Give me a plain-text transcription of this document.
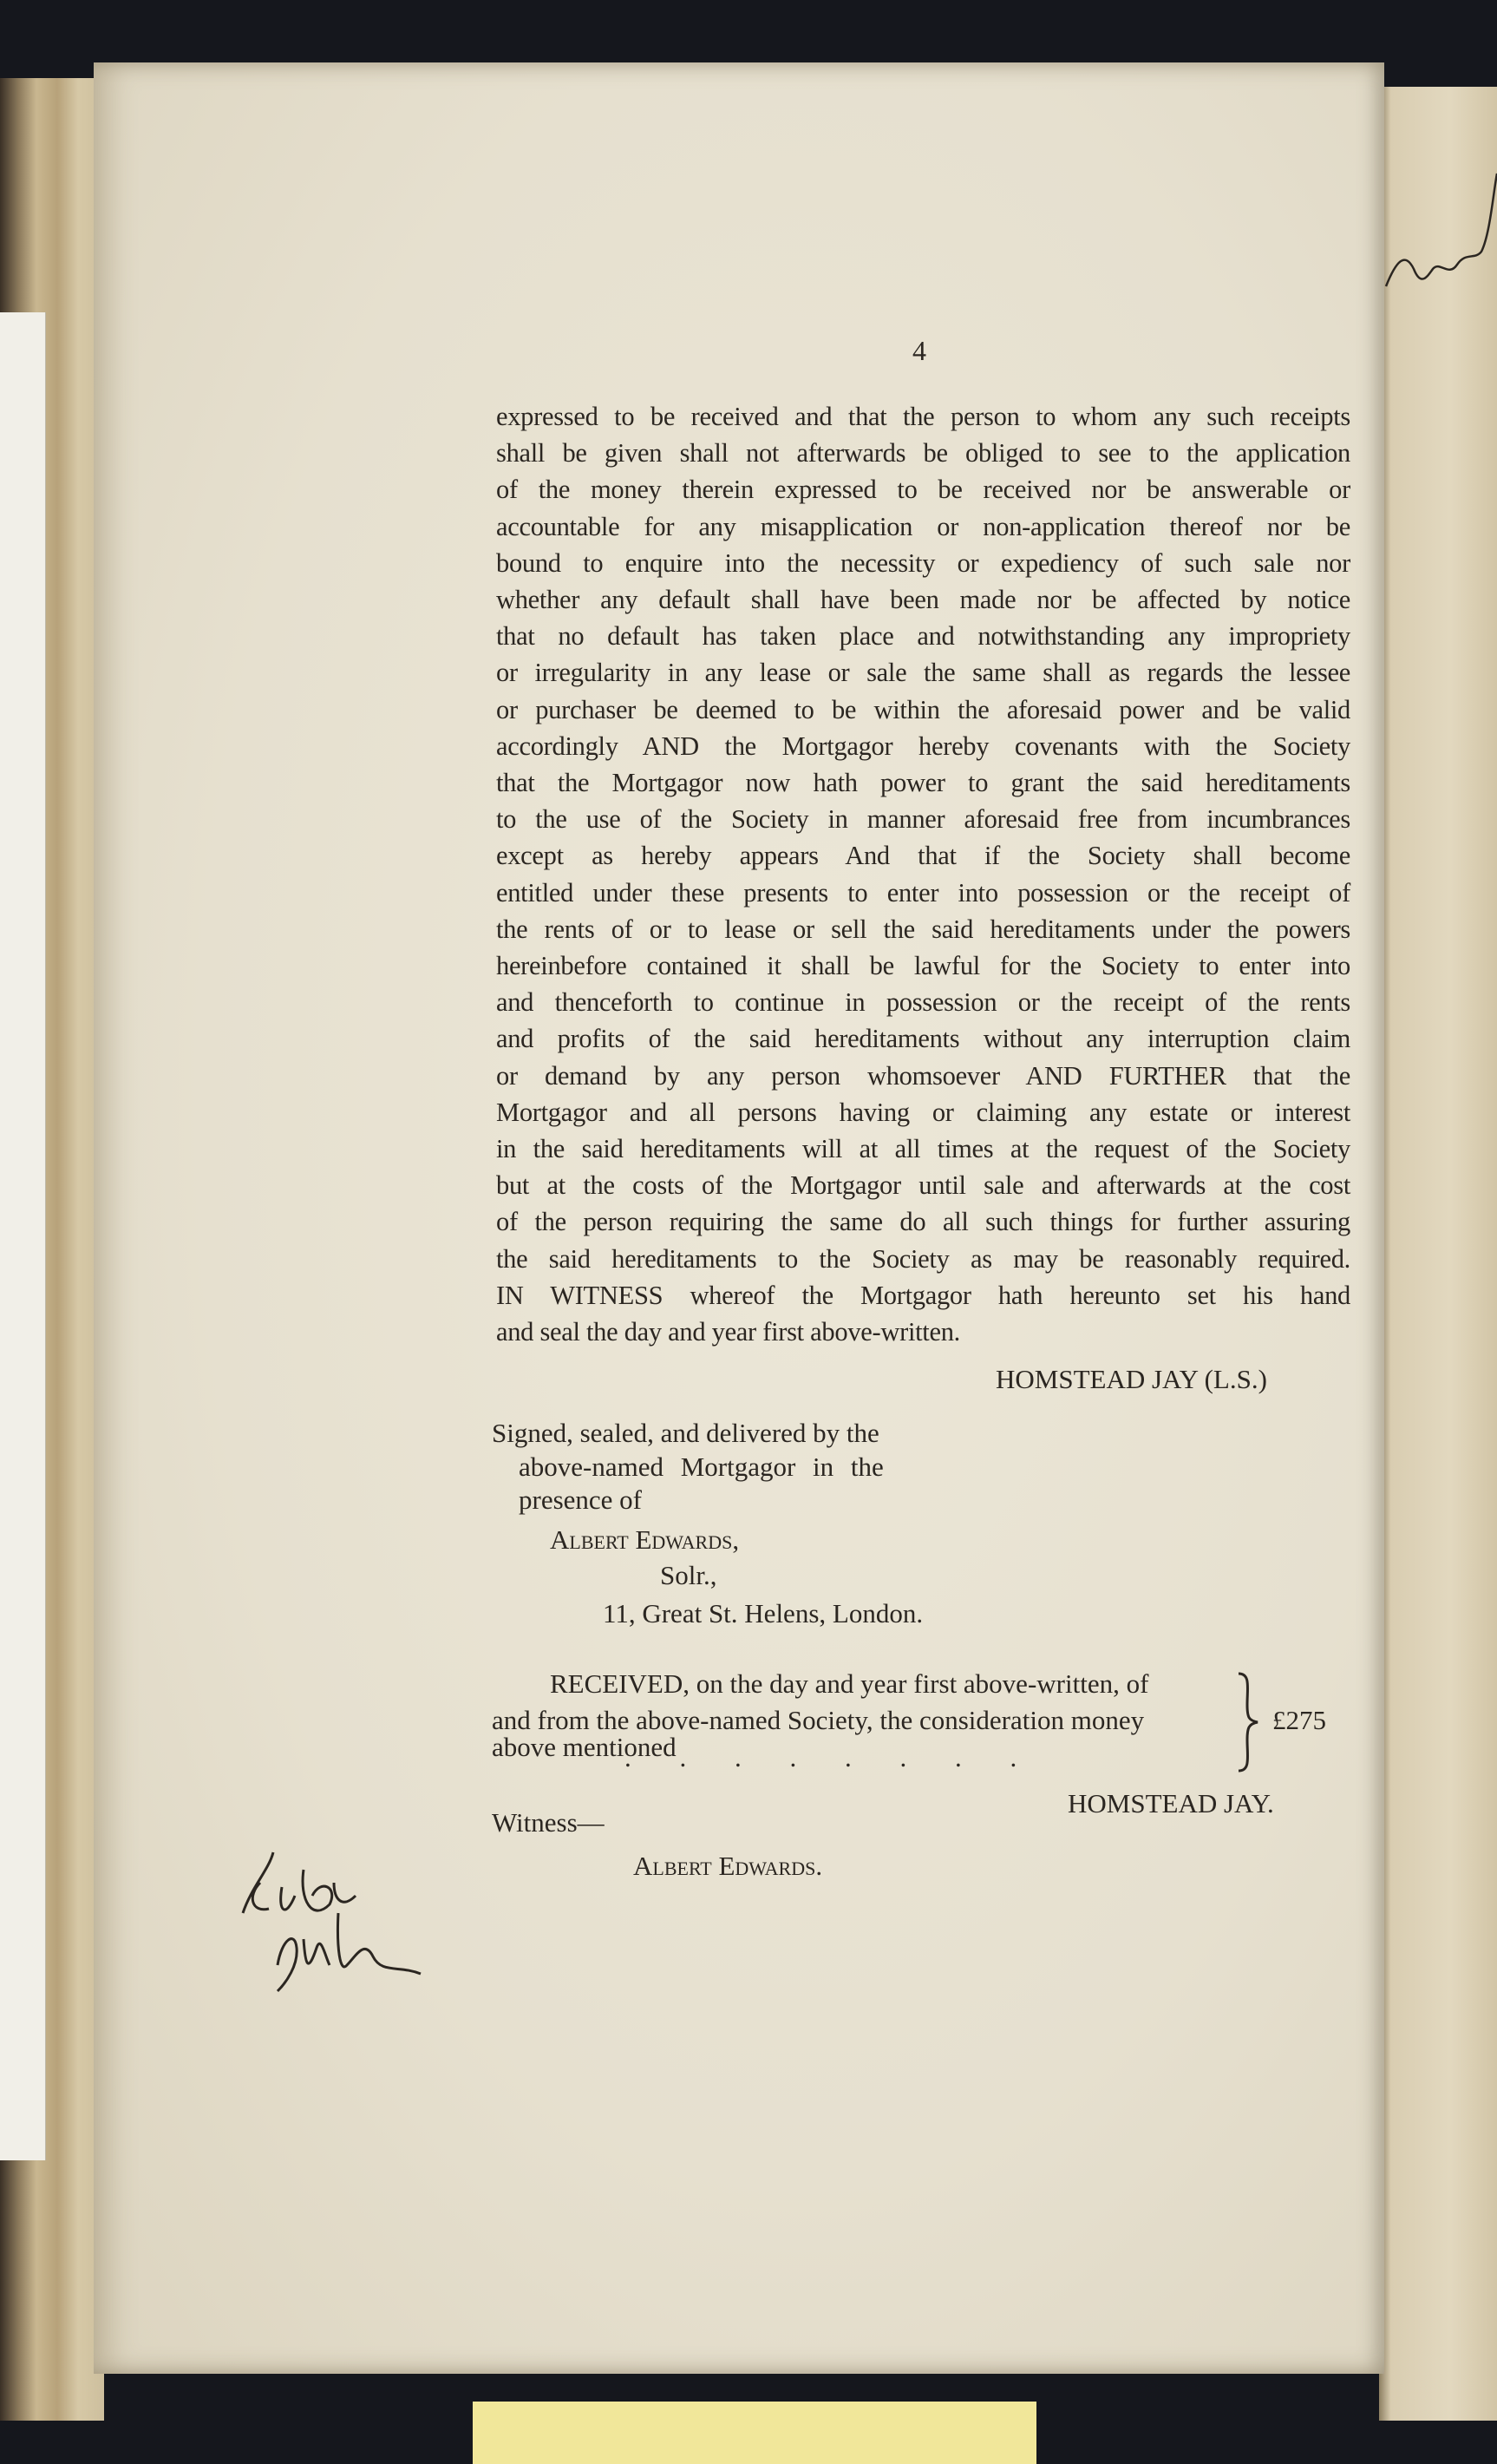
4
expressed to be received and that the person to whom any such receipts
shall be given shall not afterwards be obliged to see to the application
of the money therein expressed to be received nor be answerable or
accountable for any misapplication or non-application thereof nor be
bound to enquire into the necessity or expediency of such sale nor
whether any default shall have been made nor be affected by notice
that no default has taken place and notwithstanding any impropriety
or irregularity in any lease or sale the same shall as regards the lessee
or purchaser be deemed to be within the aforesaid power and be valid
accordingly AND the Mortgagor hereby covenants with the Society
that the Mortgagor now hath power to grant the said hereditaments
to the use of the Society in manner aforesaid free from incumbrances
except as hereby appears And that if the Society shall become
entitled under these presents to enter into possession or the receipt of
the rents of or to lease or sell the said hereditaments under the powers
hereinbefore contained it shall be lawful for the Society to enter into
and thenceforth to continue in possession or the receipt of the rents
and profits of the said hereditaments without any interruption claim
or demand by any person whomsoever AND FURTHER that the
Mortgagor and all persons having or claiming any estate or interest
in the said hereditaments will at all times at the request of the Society
but at the costs of the Mortgagor until sale and afterwards at the cost
of the person requiring the same do all such things for further assuring
the said hereditaments to the Society as may be reasonably required.
IN WITNESS whereof the Mortgagor hath hereunto set his hand
and seal the day and year first above-written.
HOMSTEAD JAY (L.S.)
Signed, sealed, and delivered by the
above-named Mortgagor in the
presence of
Albert Edwards,
Solr.,
11, Great St. Helens, London.
RECEIVED, on the day and year first above-written, of
and from the above-named Society, the consideration money
above mentioned
. . . . . . . .
£275
HOMSTEAD JAY.
Witness—
Albert Edwards.
